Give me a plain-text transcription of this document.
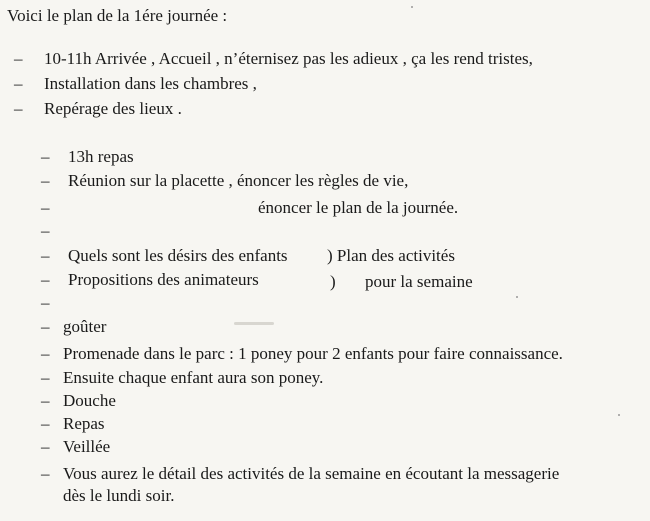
Voici le plan de la 1ére journée :
– 10-11h Arrivée , Accueil , n’éternisez pas les adieux , ça les rend tristes,
– Installation dans les chambres ,
– Repérage des lieux .
– 13h repas
– Réunion sur la placette , énoncer les règles de vie,
–	énoncer le plan de la journée.
–
– Quels sont les désirs des enfants ) Plan des activités
– Propositions des animateurs	) pour la semaine
–
– goûter
– Promenade dans le parc : 1 poney pour 2 enfants pour faire connaissance.
– Ensuite chaque enfant aura son poney.
– Douche
– Repas
– Veillée
– Vous aurez le détail des activités de la semaine en écoutant la messagerie
dès le lundi soir.
